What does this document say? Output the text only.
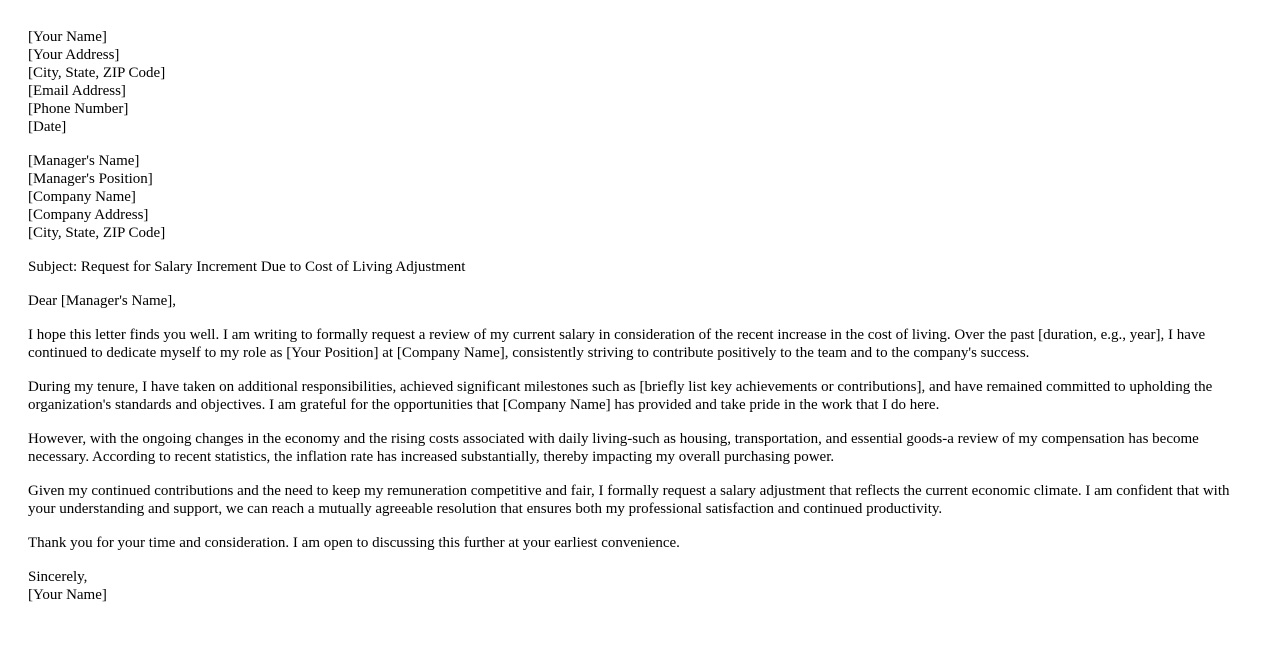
[Your Name]
[Your Address]
[City, State, ZIP Code]
[Email Address]
[Phone Number]
[Date]
[Manager's Name]
[Manager's Position]
[Company Name]
[Company Address]
[City, State, ZIP Code]

Subject: Request for Salary Increment Due to Cost of Living Adjustment

Dear [Manager's Name],

I hope this letter finds you well. I am writing to formally request a review of my current salary in consideration of the recent increase in the cost of living. Over the past [duration, e.g., year], I have continued to dedicate myself to my role as [Your Position] at [Company Name], consistently striving to contribute positively to the team and to the company's success.

During my tenure, I have taken on additional responsibilities, achieved significant milestones such as [briefly list key achievements or contributions], and have remained committed to upholding the organization's standards and objectives. I am grateful for the opportunities that [Company Name] has provided and take pride in the work that I do here.

However, with the ongoing changes in the economy and the rising costs associated with daily living-such as housing, transportation, and essential goods-a review of my compensation has become necessary. According to recent statistics, the inflation rate has increased substantially, thereby impacting my overall purchasing power.

Given my continued contributions and the need to keep my remuneration competitive and fair, I formally request a salary adjustment that reflects the current economic climate. I am confident that with your understanding and support, we can reach a mutually agreeable resolution that ensures both my professional satisfaction and continued productivity.

Thank you for your time and consideration. I am open to discussing this further at your earliest convenience.

Sincerely,
[Your Name]
